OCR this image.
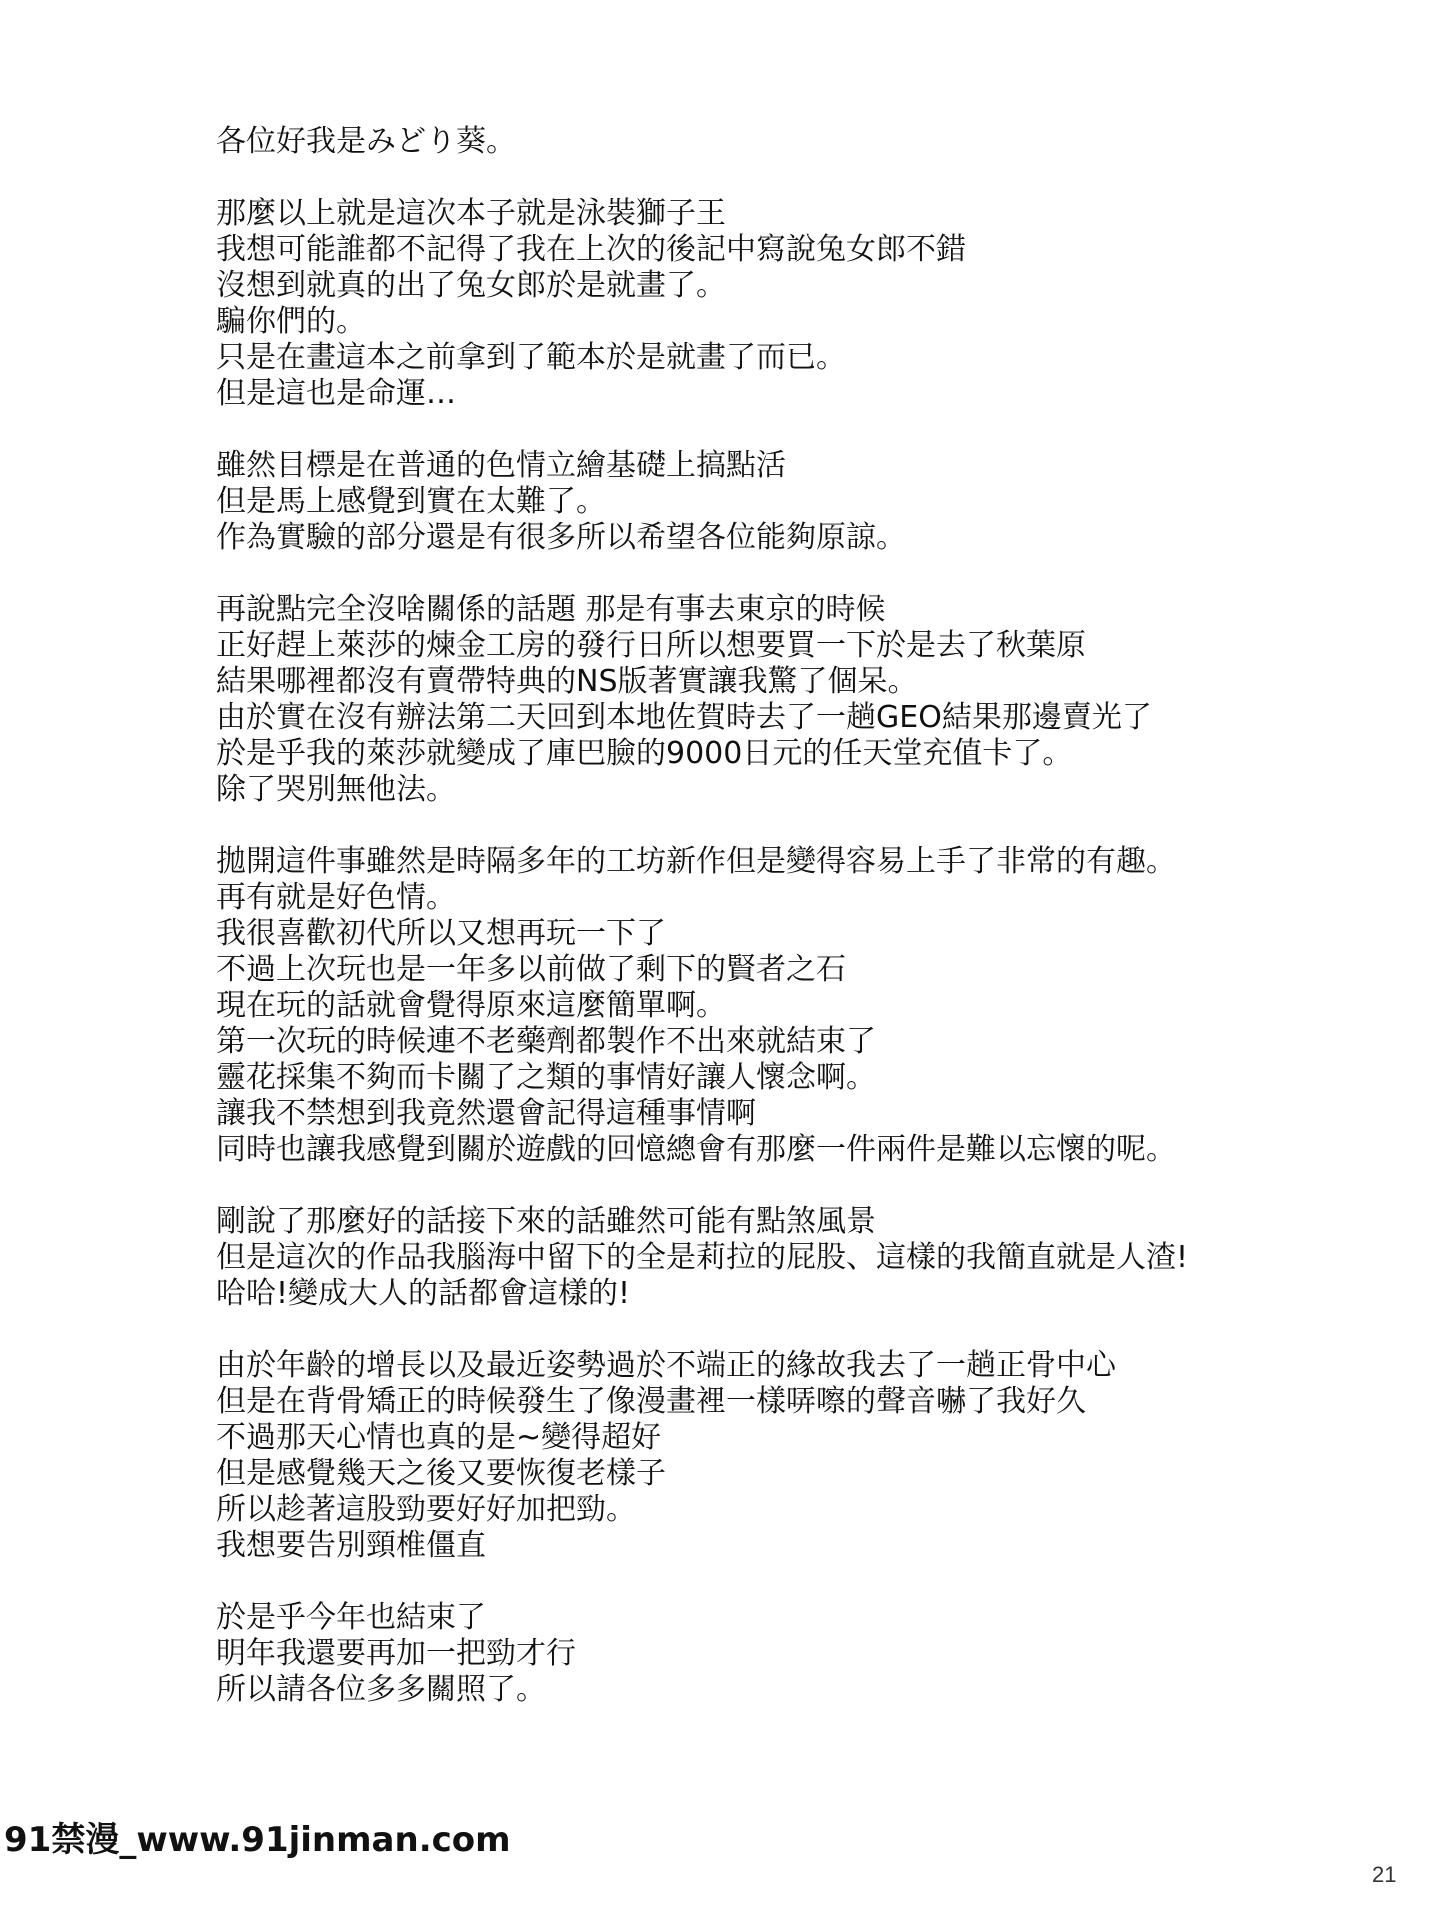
各位好我是みどり葵。
那麼以上就是這次本子就是泳裝獅子王
我想可能誰都不記得了我在上次的後記中寫說兔女郎不錯
沒想到就真的出了兔女郎於是就畫了。
騙你們的。
只是在畫這本之前拿到了範本於是就畫了而已。
但是這也是命運…
雖然目標是在普通的色情立繪基礎上搞點活
但是馬上感覺到實在太難了。
作為實驗的部分還是有很多所以希望各位能夠原諒。
再說點完全沒啥關係的話題 那是有事去東京的時候
正好趕上萊莎的煉金工房的發行日所以想要買一下於是去了秋葉原
結果哪裡都沒有賣帶特典的NS版著實讓我驚了個呆。
由於實在沒有辦法第二天回到本地佐賀時去了一趟GEO結果那邊賣光了
於是乎我的萊莎就變成了庫巴臉的9000日元的任天堂充值卡了。
除了哭別無他法。
拋開這件事雖然是時隔多年的工坊新作但是變得容易上手了非常的有趣。
再有就是好色情。
我很喜歡初代所以又想再玩一下了
不過上次玩也是一年多以前做了剩下的賢者之石
現在玩的話就會覺得原來這麼簡單啊。
第一次玩的時候連不老藥劑都製作不出來就結束了
靈花採集不夠而卡關了之類的事情好讓人懷念啊。
讓我不禁想到我竟然還會記得這種事情啊
同時也讓我感覺到關於遊戲的回憶總會有那麼一件兩件是難以忘懷的呢。
剛說了那麼好的話接下來的話雖然可能有點煞風景
但是這次的作品我腦海中留下的全是莉拉的屁股、這樣的我簡直就是人渣!
哈哈!變成大人的話都會這樣的!
由於年齡的增長以及最近姿勢過於不端正的緣故我去了一趟正骨中心
但是在背骨矯正的時候發生了像漫畫裡一樣哢嚓的聲音嚇了我好久
不過那天心情也真的是~變得超好
但是感覺幾天之後又要恢復老樣子
所以趁著這股勁要好好加把勁。
我想要告別頸椎僵直
於是乎今年也結束了
明年我還要再加一把勁才行
所以請各位多多關照了。
91禁漫_www.91jinman.com
21
